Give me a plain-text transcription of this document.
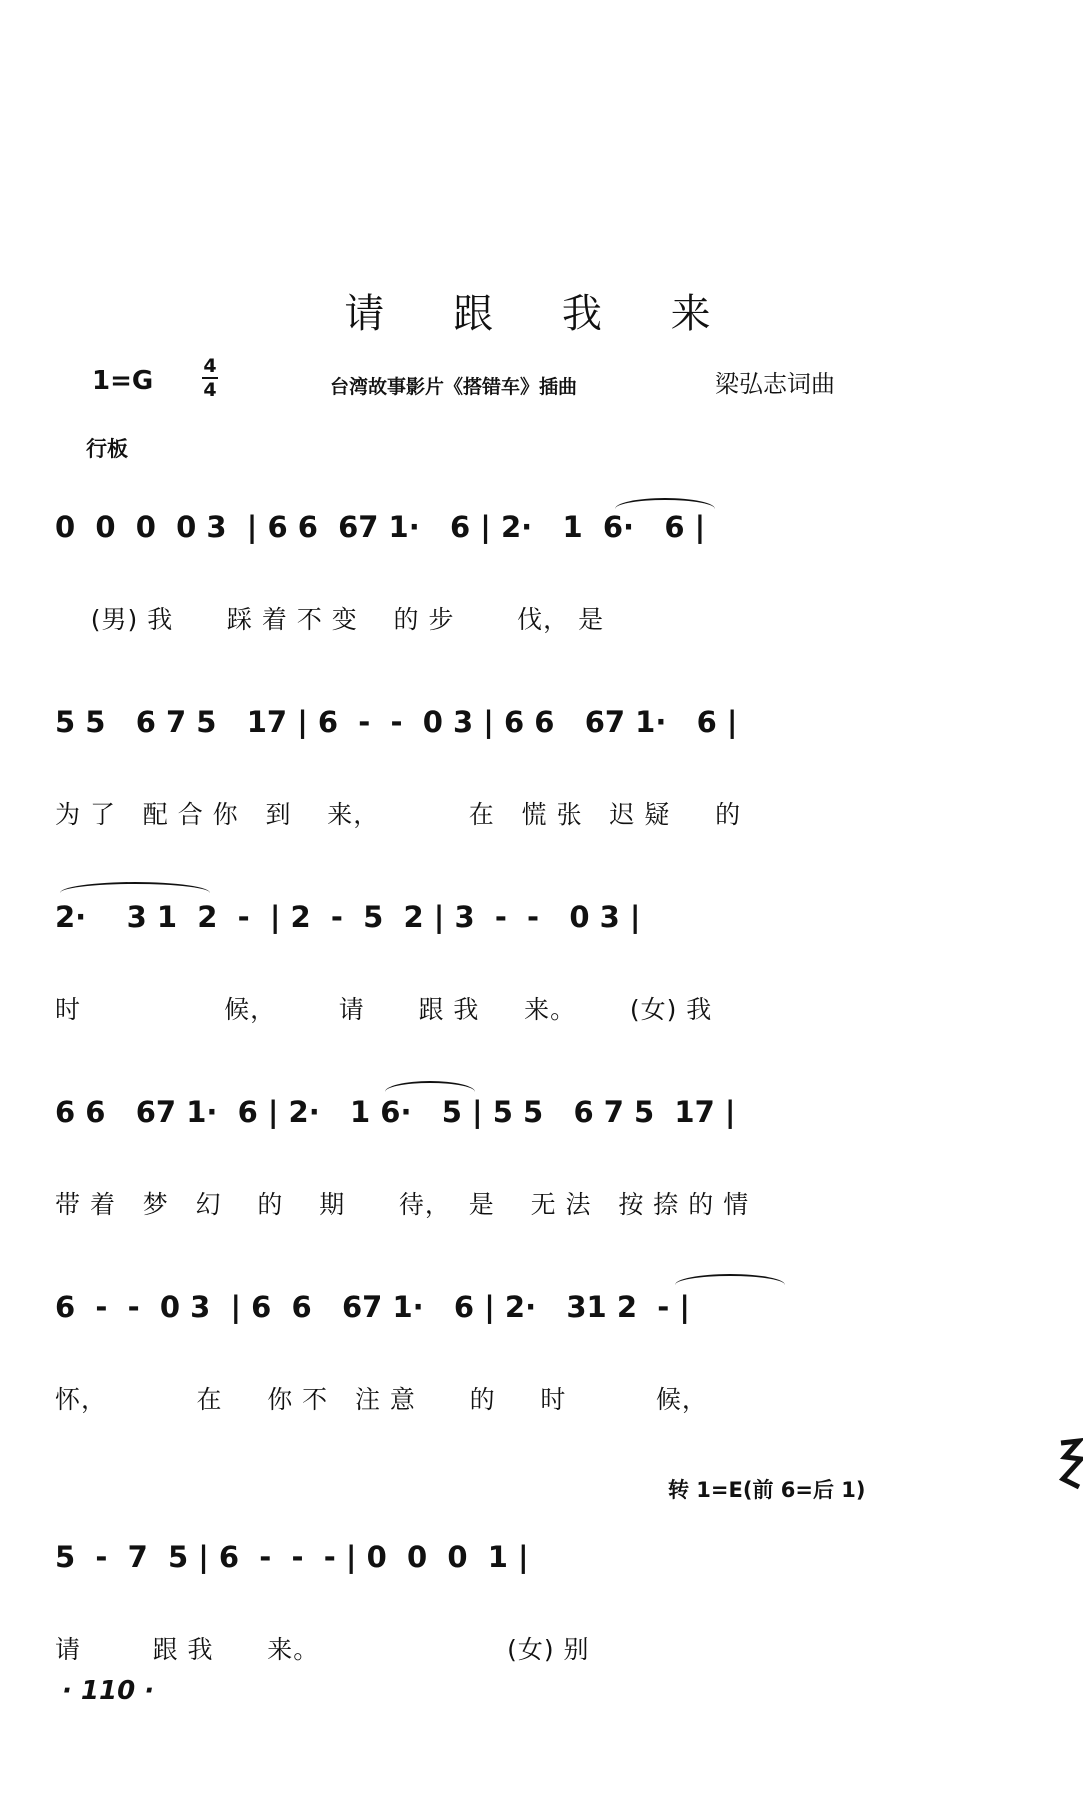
请 跟 我 来
1=G	4
4	台湾故事影片《搭错车》插曲	梁弘志词曲
行板
0  0  0  0 3  | 6 6  67 1·   6 | 2·   1  6·   6 |
(男) 我      踩 着 不 变    的 步       伐， 是
5 5   6 7 5   17 | 6  -  -  0 3 | 6 6   67 1·   6 |
为 了   配 合 你   到    来，          在   慌 张   迟 疑     的
2·    3 1  2  -  | 2  -  5  2 | 3  -  -   0 3 |
时                候，       请      跟 我     来。      (女) 我
6 6   67 1·  6 | 2·   1 6·   5 | 5 5   6 7 5  17 |
带 着   梦   幻    的    期      待，  是    无 法   按 捺 的 情
6  -  -  0 3  | 6  6   67 1·   6 | 2·   31 2  - |
怀，          在     你 不   注 意      的     时          候，
转 1=E(前 6=后 1)
5  -  7  5 | 6  -  -  - | 0  0  0  1 |
请        跟 我      来。                     (女) 别
· 110 ·
